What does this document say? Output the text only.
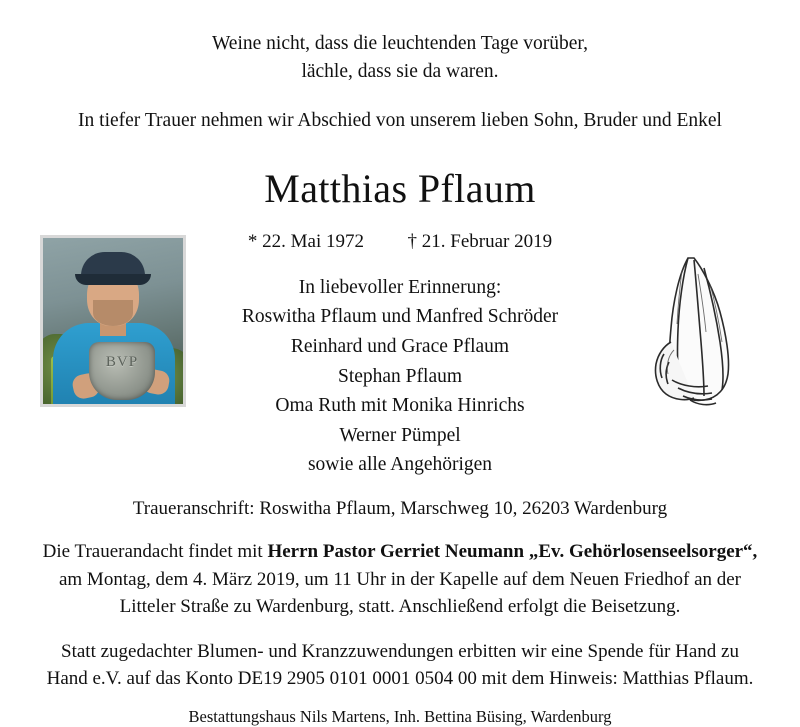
Weine nicht, dass die leuchtenden Tage vorüber,
lächle, dass sie da waren.
In tiefer Trauer nehmen wir Abschied von unserem lieben Sohn, Bruder und Enkel
Matthias Pflaum
* 22. Mai 1972 † 21. Februar 2019
BVP
In liebevoller Erinnerung:
Roswitha Pflaum und Manfred Schröder
Reinhard und Grace Pflaum
Stephan Pflaum
Oma Ruth mit Monika Hinrichs
Werner Pümpel
sowie alle Angehörigen
Traueranschrift: Roswitha Pflaum, Marschweg 10, 26203 Wardenburg
Die Trauerandacht findet mit Herrn Pastor Gerriet Neumann „Ev. Gehörlosenseelsorger“,
am Montag, dem 4. März 2019, um 11 Uhr in der Kapelle auf dem Neuen Friedhof an der
Litteler Straße zu Wardenburg, statt. Anschließend erfolgt die Beisetzung.
Statt zugedachter Blumen- und Kranzzuwendungen erbitten wir eine Spende für Hand zu
Hand e.V. auf das Konto DE19 2905 0101 0001 0504 00 mit dem Hinweis: Matthias Pflaum.
Bestattungshaus Nils Martens, Inh. Bettina Büsing, Wardenburg
